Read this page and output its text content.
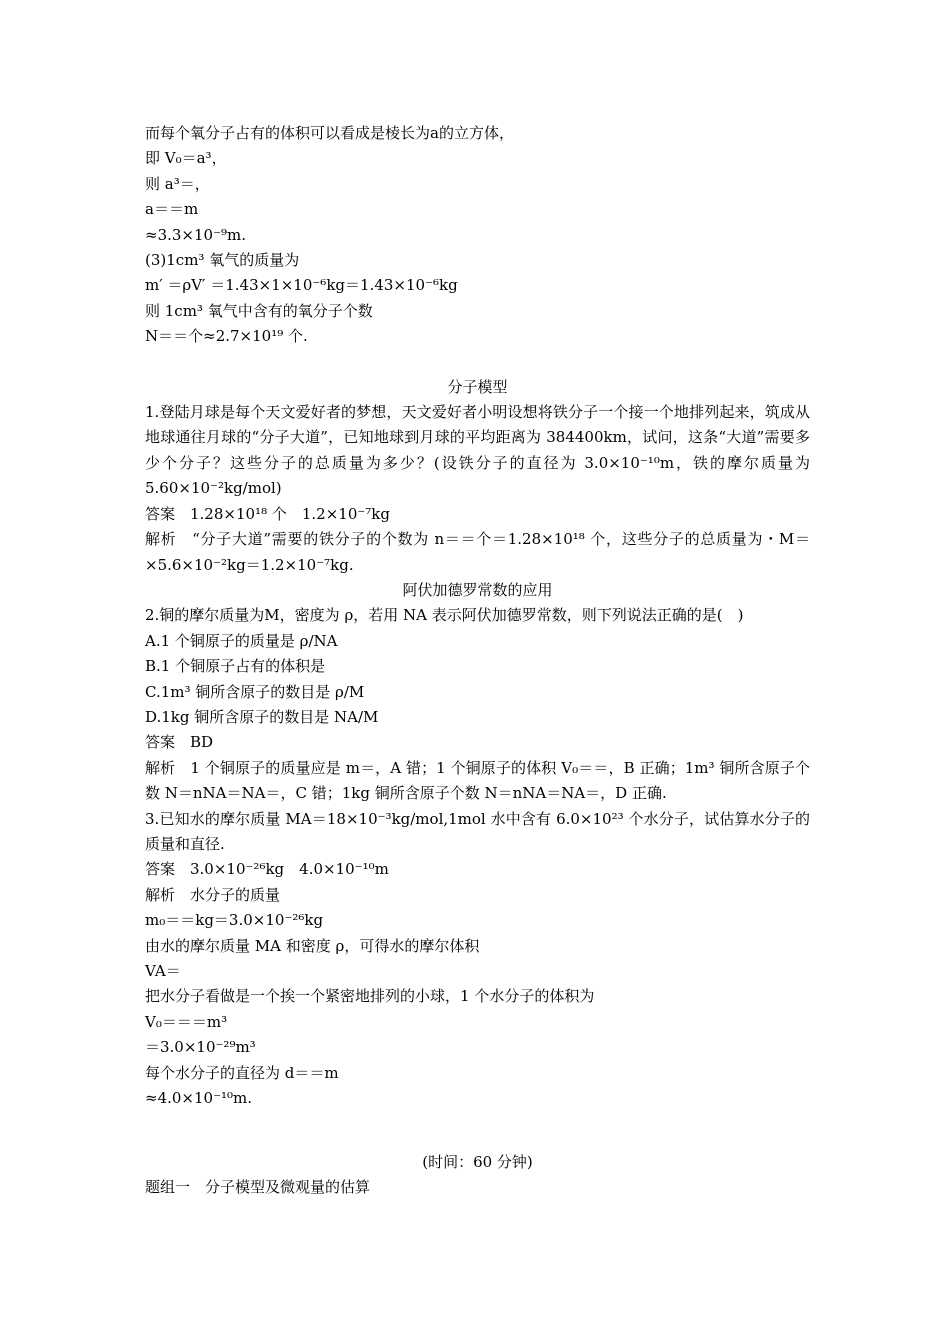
而每个氧分子占有的体积可以看成是棱长为a的立方体，
即 V₀＝a³，
则 a³＝，
a＝＝m
≈3.3×10⁻⁹m.
(3)1cm³ 氧气的质量为
m′ ＝ρV′ ＝1.43×1×10⁻⁶kg＝1.43×10⁻⁶kg
则 1cm³ 氧气中含有的氧分子个数
N＝＝个≈2.7×10¹⁹ 个.
分子模型
1.登陆月球是每个天文爱好者的梦想，天文爱好者小明设想将铁分子一个接一个地排列起来，筑成从地球通往月球的“分子大道”，已知地球到月球的平均距离为 384400km，试问，这条“大道”需要多少个分子？这些分子的总质量为多少？(设铁分子的直径为 3.0×10⁻¹⁰m，铁的摩尔质量为 5.60×10⁻²kg/mol)
答案　1.28×10¹⁸ 个　1.2×10⁻⁷kg
解析　“分子大道”需要的铁分子的个数为 n＝＝个＝1.28×10¹⁸ 个，这些分子的总质量为・M＝×5.6×10⁻²kg＝1.2×10⁻⁷kg.
阿伏加德罗常数的应用
2.铜的摩尔质量为M，密度为 ρ，若用 NA 表示阿伏加德罗常数，则下列说法正确的是(　)
A.1 个铜原子的质量是 ρ/NA
B.1 个铜原子占有的体积是
C.1m³ 铜所含原子的数目是 ρ/M
D.1kg 铜所含原子的数目是 NA/M
答案　BD
解析　1 个铜原子的质量应是 m＝，A 错；1 个铜原子的体积 V₀＝＝，B 正确；1m³ 铜所含原子个数 N＝nNA＝NA＝，C 错；1kg 铜所含原子个数 N＝nNA＝NA＝，D 正确.
3.已知水的摩尔质量 MA＝18×10⁻³kg/mol,1mol 水中含有 6.0×10²³ 个水分子，试估算水分子的质量和直径.
答案　3.0×10⁻²⁶kg　4.0×10⁻¹⁰m
解析　水分子的质量
m₀＝＝kg＝3.0×10⁻²⁶kg
由水的摩尔质量 MA 和密度 ρ，可得水的摩尔体积
VA＝
把水分子看做是一个挨一个紧密地排列的小球，1 个水分子的体积为
V₀＝＝＝m³
＝3.0×10⁻²⁹m³
每个水分子的直径为 d＝＝m
≈4.0×10⁻¹⁰m.
(时间：60 分钟)
题组一　分子模型及微观量的估算
